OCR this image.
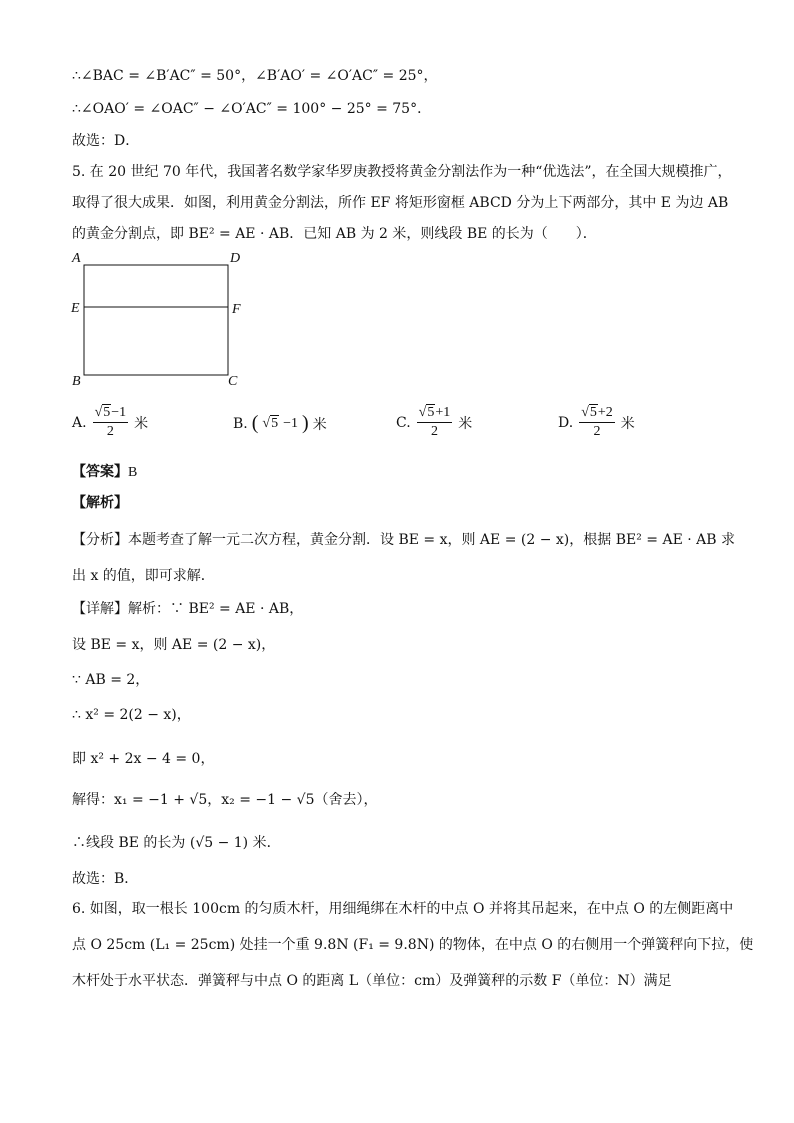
∴∠BAC = ∠B′AC″ = 50°，∠B′AO′ = ∠O′AC″ = 25°，
∴∠OAO′ = ∠OAC″ − ∠O′AC″ = 100° − 25° = 75°．
故选：D．
5. 在 20 世纪 70 年代，我国著名数学家华罗庚教授将黄金分割法作为一种“优选法”，在全国大规模推广，
取得了很大成果．如图，利用黄金分割法，所作 EF 将矩形窗框 ABCD 分为上下两部分，其中 E 为边 AB
的黄金分割点，即 BE² = AE · AB．已知 AB 为 2 米，则线段 BE 的长为（　　）．
A	D
E	F
B	C
A. $\frac{√5-1}{2}$ 米	B. ( √5 −1 ) 米	C. $\frac{√5+1}{2}$ 米	D. $\frac{√5+2}{2}$ 米
【答案】B
【解析】
【分析】本题考查了解一元二次方程，黄金分割．设 BE = x，则 AE = (2 − x)，根据 BE² = AE · AB 求
出 x 的值，即可求解．
【详解】解析：∵ BE² = AE · AB，
设 BE = x，则 AE = (2 − x)，
∵ AB = 2，
∴ x² = 2(2 − x)，
即 x² + 2x − 4 = 0，
解得：x₁ = −1 + √5，x₂ = −1 − √5（舍去），
∴线段 BE 的长为 (√5 − 1) 米．
故选：B．
6. 如图，取一根长 100cm 的匀质木杆，用细绳绑在木杆的中点 O 并将其吊起来，在中点 O 的左侧距离中
点 O 25cm (L₁ = 25cm) 处挂一个重 9.8N (F₁ = 9.8N) 的物体，在中点 O 的右侧用一个弹簧秤向下拉，使
木杆处于水平状态．弹簧秤与中点 O 的距离 L（单位：cm）及弹簧秤的示数 F（单位：N）满足
